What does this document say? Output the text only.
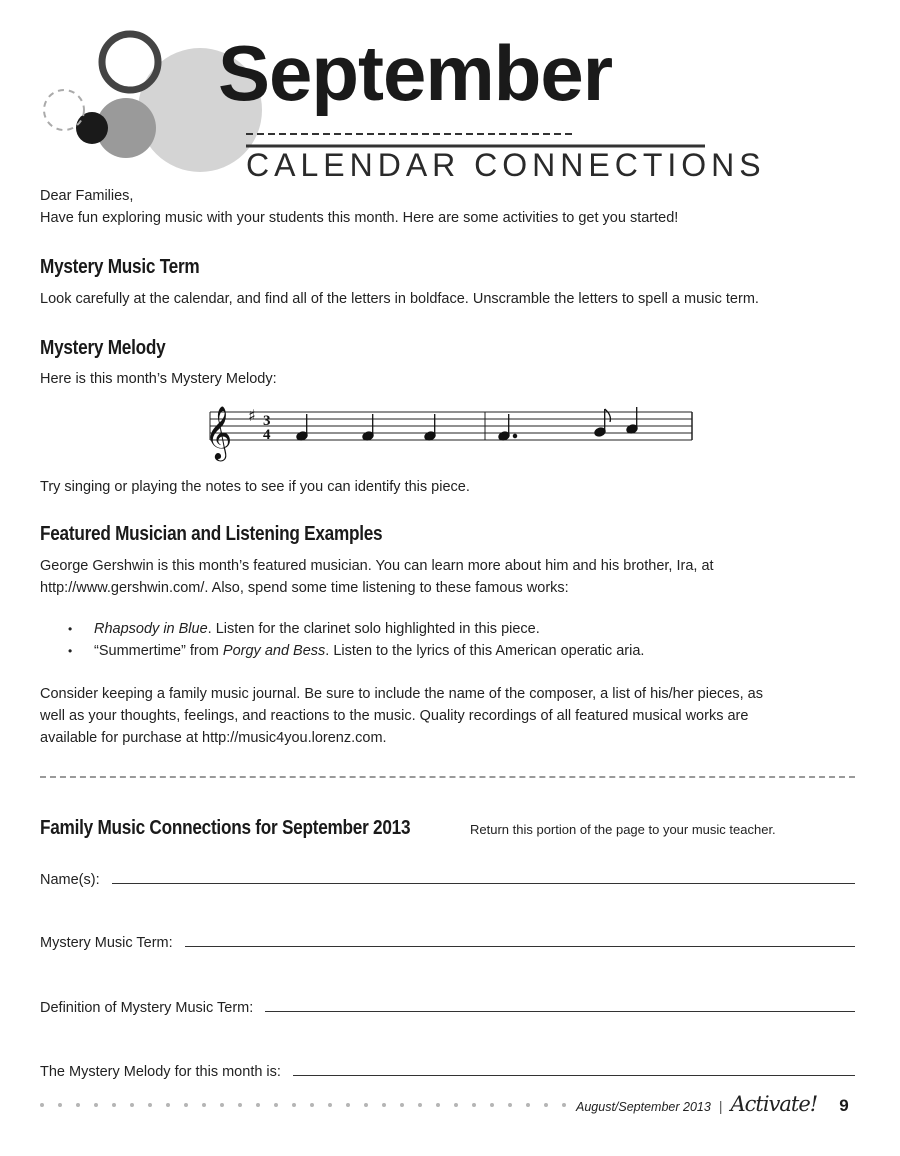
September
CALENDAR CONNECTIONS
Dear Families,
Have fun exploring music with your students this month. Here are some activities to get you started!
Mystery Music Term
Look carefully at the calendar, and find all of the letters in boldface. Unscramble the letters to spell a music term.
Mystery Melody
Here is this month’s Mystery Melody:
𝄞 ♯ 3
4
Try singing or playing the notes to see if you can identify this piece.
Featured Musician and Listening Examples
George Gershwin is this month’s featured musician. You can learn more about him and his brother, Ira, at
http://www.gershwin.com/. Also, spend some time listening to these famous works:
• Rhapsody in Blue. Listen for the clarinet solo highlighted in this piece.
• “Summertime” from Porgy and Bess. Listen to the lyrics of this American operatic aria.
Consider keeping a family music journal. Be sure to include the name of the composer, a list of his/her pieces, as
well as your thoughts, feelings, and reactions to the music. Quality recordings of all featured musical works are
available for purchase at http://music4you.lorenz.com.
Family Music Connections for September 2013	Return this portion of the page to your music teacher.
Name(s):
Mystery Music Term:
Definition of Mystery Music Term:
The Mystery Melody for this month is:
August/September 2013 | Activate! 9
